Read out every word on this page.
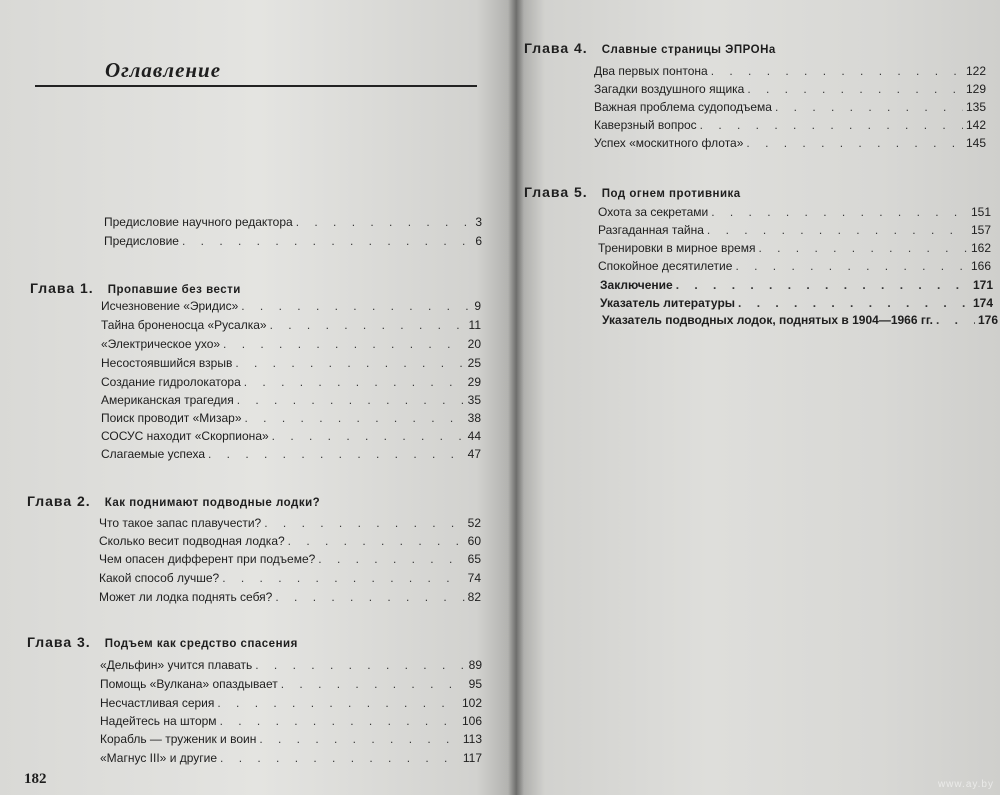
Оглавление
Предисловие научного редактора . . .	3
Предисловие . . .	6
Глава 1.	Пропавшие без вести
Исчезновение «Эридис» . . .	9
Тайна броненосца «Русалка» . . .	11
«Электрическое ухо» . . .	20
Несостоявшийся взрыв . . .	25
Создание гидролокатора . . .	29
Американская трагедия . . .	35
Поиск проводит «Мизар» . . .	38
СОСУС находит «Скорпиона» . . .	44
Слагаемые успеха . . .	47
Глава 2.	Как поднимают подводные лодки?
Что такое запас плавучести? . . .	52
Сколько весит подводная лодка? . . .	60
Чем опасен дифферент при подъеме? . . .	65
Какой способ лучше? . . .	74
Может ли лодка поднять себя? . . .	82
Глава 3.	Подъем как средство спасения
«Дельфин» учится плавать . . .	89
Помощь «Вулкана» опаздывает . . .	95
Несчастливая серия . . .	102
Надейтесь на шторм . . .	106
Корабль — труженик и воин . . .	113
«Магнус III» и другие . . .	117
182
Глава 4.	Славные страницы ЭПРОНа
Два первых понтона . . .	122
Загадки воздушного ящика . . .	129
Важная проблема судоподъема . . .	135
Каверзный вопрос . . .	142
Успех «москитного флота» . . .	145
Глава 5.	Под огнем противника
Охота за секретами . . .	151
Разгаданная тайна . . .	157
Тренировки в мирное время . . .	162
Спокойное десятилетие . . .	166
Заключение . . .	171
Указатель литературы . . .	174
Указатель подводных лодок, поднятых в 1904—1966 гг. . . .	176
www.ay.by
